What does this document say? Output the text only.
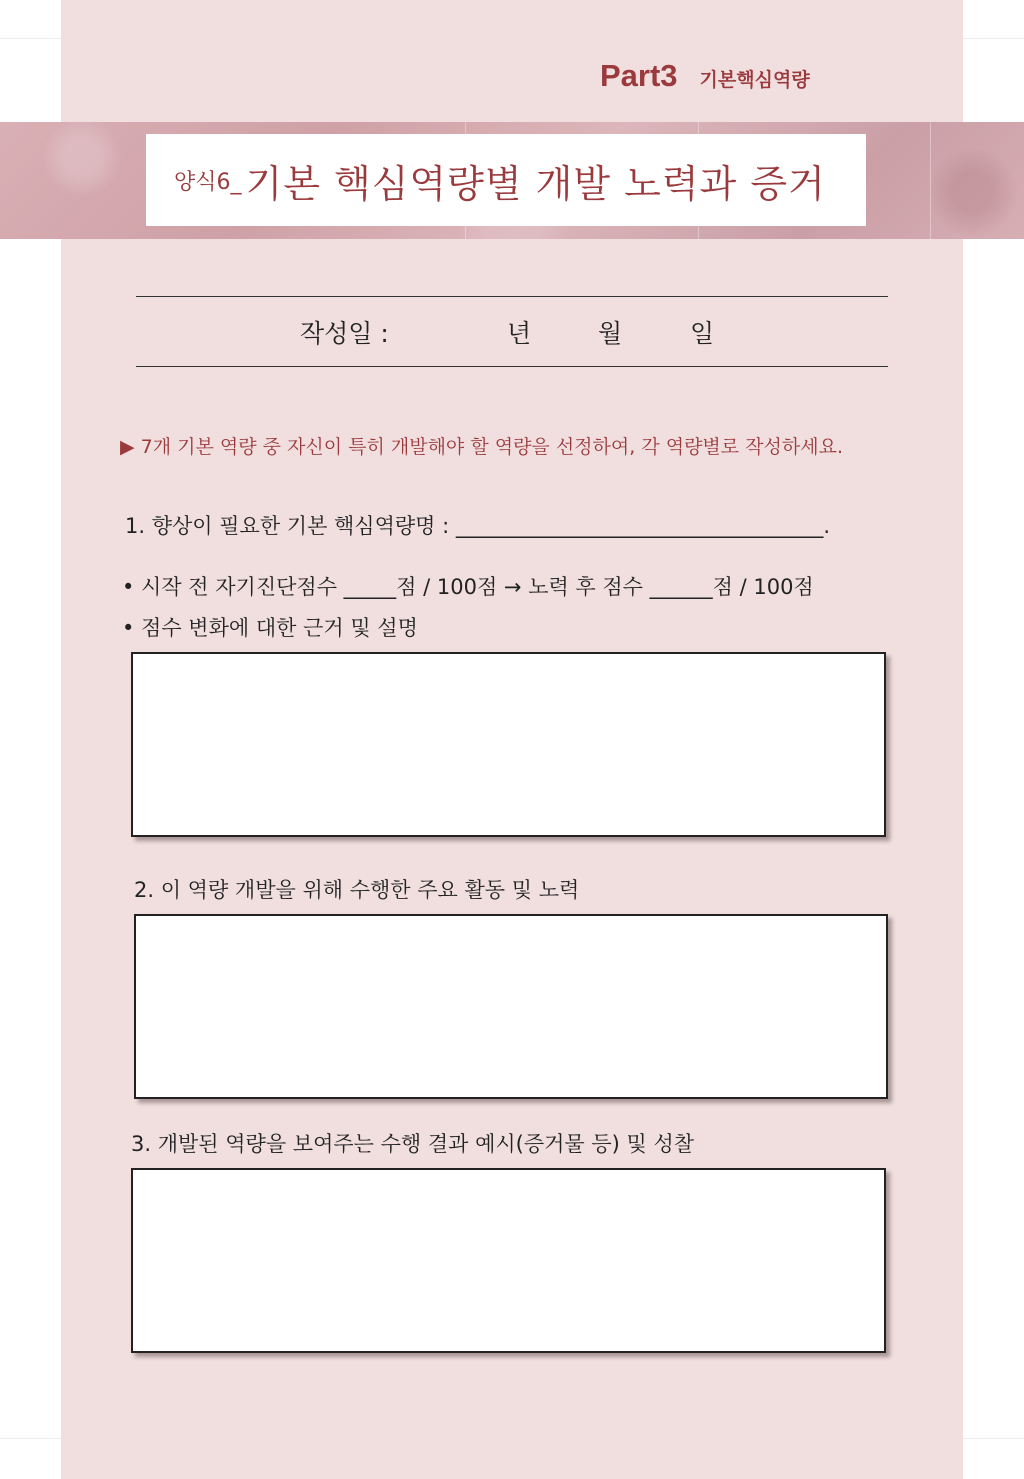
Part3 기본핵심역량
양식6_ 기본 핵심역량별 개발 노력과 증거
작성일 :	년	월	일
▶ 7개 기본 역량 중 자신이 특히 개발해야 할 역량을 선정하여, 각 역량별로 작성하세요.
1. 향상이 필요한 기본 핵심역량명 : ___________________________________.
• 시작 전 자기진단점수 _____점 / 100점 → 노력 후 점수 ______점 / 100점
• 점수 변화에 대한 근거 및 설명
2. 이 역량 개발을 위해 수행한 주요 활동 및 노력
3. 개발된 역량을 보여주는 수행 결과 예시(증거물 등) 및 성찰
